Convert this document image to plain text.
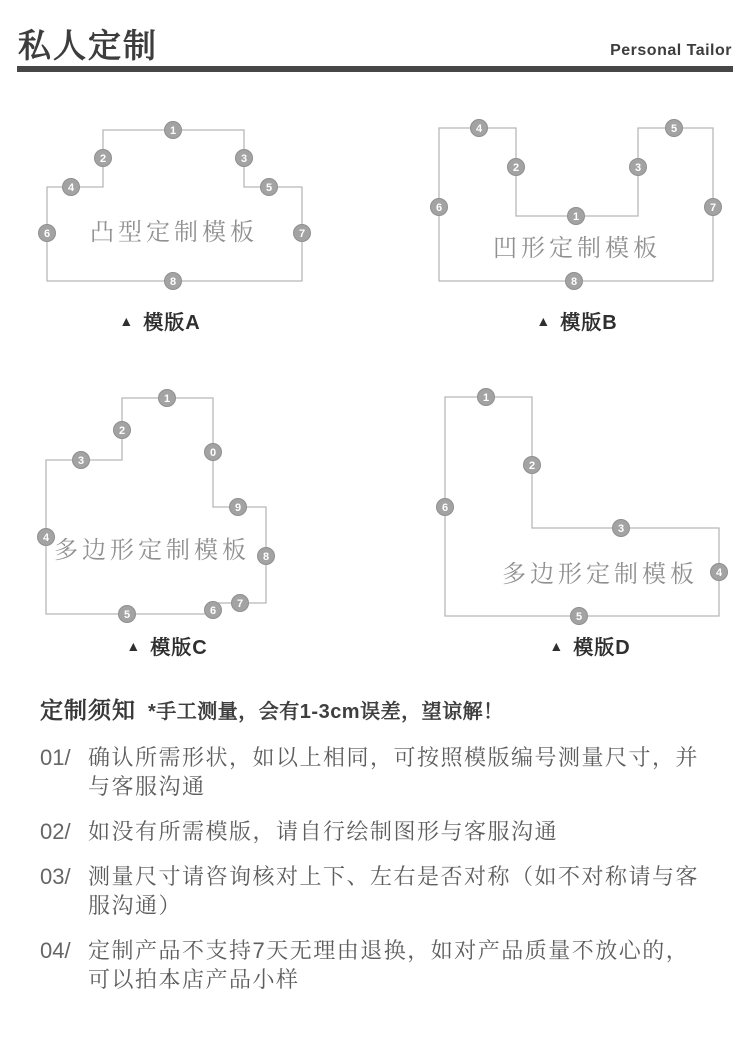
私人定制	Personal Tailor
凸型定制模板
1
2	3
4	5
6	7
8
凹形定制模板
4	5
2	3
1
6	7
8
多边形定制模板
1
2
3
0
9
8
7
6
5
4
多边形定制模板
1
2
3
4
5
6
▲ 模版A	▲ 模版B
▲ 模版C	▲ 模版D
定制须知 *手工测量，会有1-3cm误差，望谅解！
01/ 确认所需形状，如以上相同，可按照模版编号测量尺寸，并与客服沟通
02/ 如没有所需模版，请自行绘制图形与客服沟通
03/ 测量尺寸请咨询核对上下、左右是否对称（如不对称请与客服沟通）
04/ 定制产品不支持7天无理由退换，如对产品质量不放心的，可以拍本店产品小样
